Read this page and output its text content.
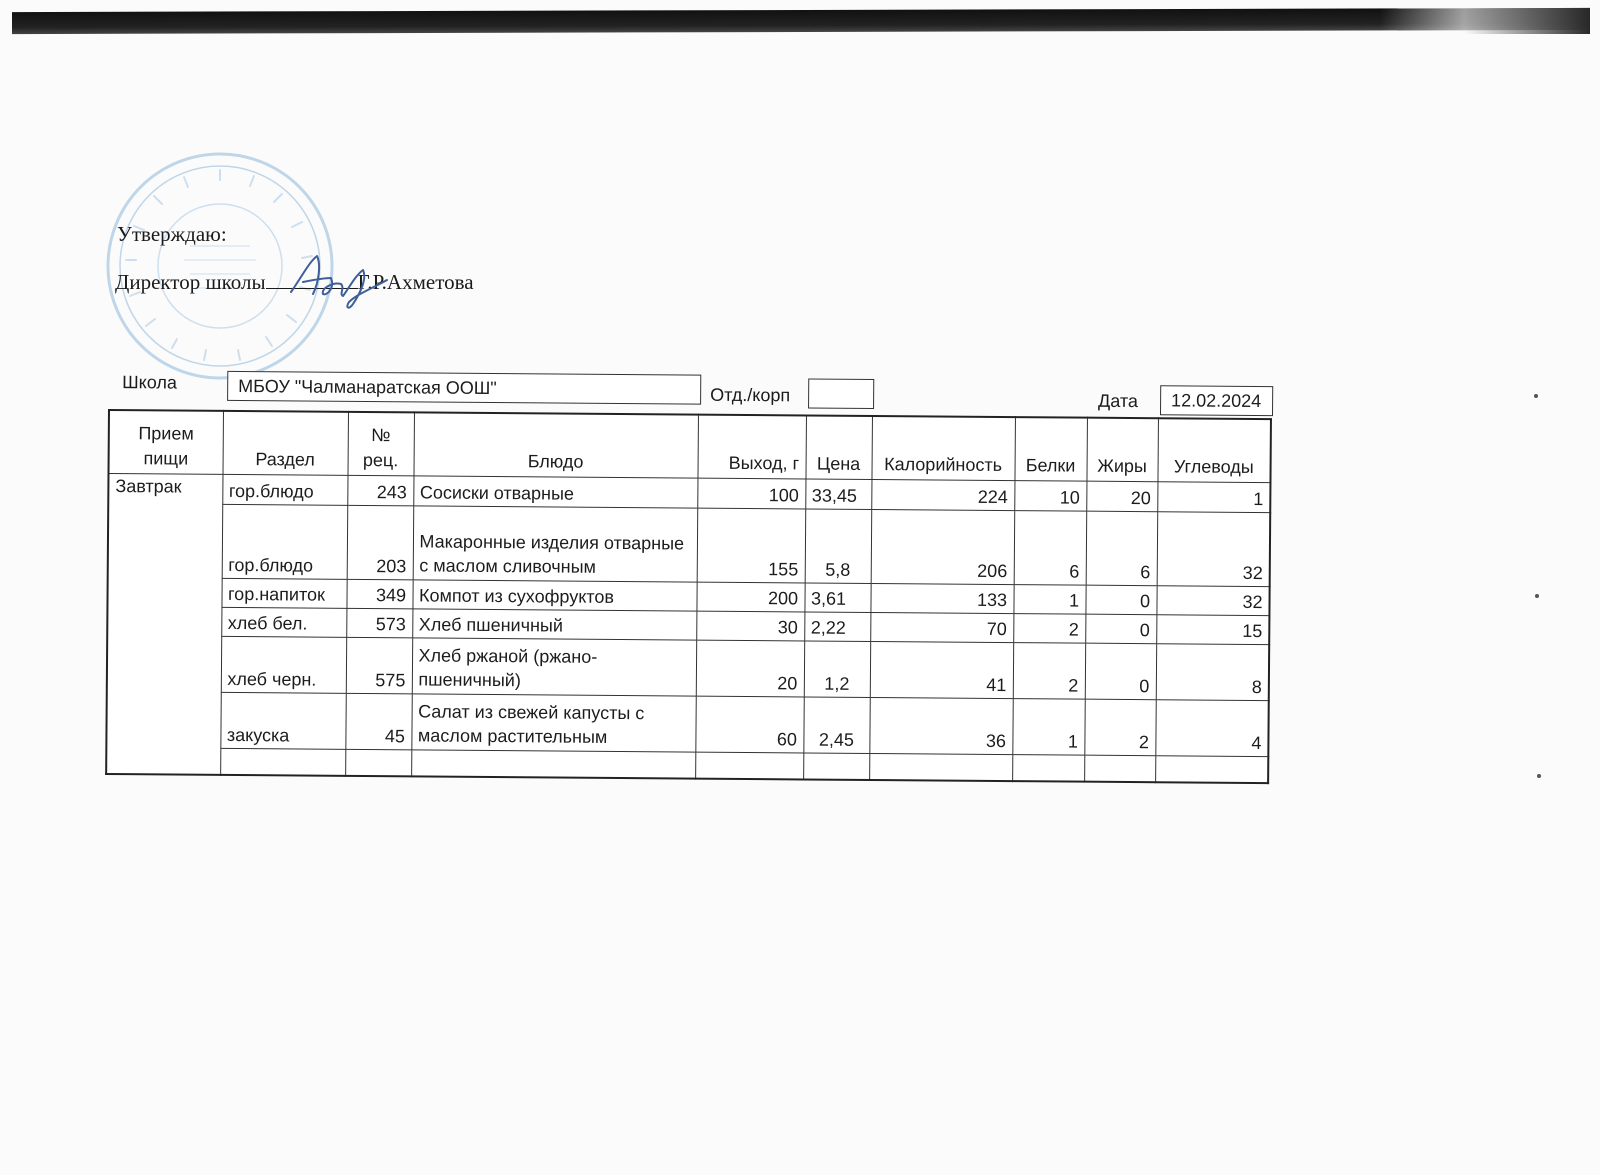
Утверждаю:
Директор школы	Г.Р.Ахметова
Школа	МБОУ "Чалманаратская ООШ"	Отд./корп	Дата	12.02.2024
Прием пищи	Раздел	№ рец.	Блюдо	Выход, г	Цена	Калорийность	Белки	Жиры	Углеводы
Завтрак	гор.блюдо	243	Сосиски отварные	100	33,45	224	10	20	1
	гор.блюдо	203	Макаронные изделия отварные с маслом сливочным	155	5,8	206	6	6	32
	гор.напиток	349	Компот из сухофруктов	200	3,61	133	1	0	32
	хлеб бел.	573	Хлеб пшеничный	30	2,22	70	2	0	15
	хлеб черн.	575	Хлеб ржаной (ржано-пшеничный)	20	1,2	41	2	0	8
	закуска	45	Салат из свежей капусты с маслом растительным	60	2,45	36	1	2	4
